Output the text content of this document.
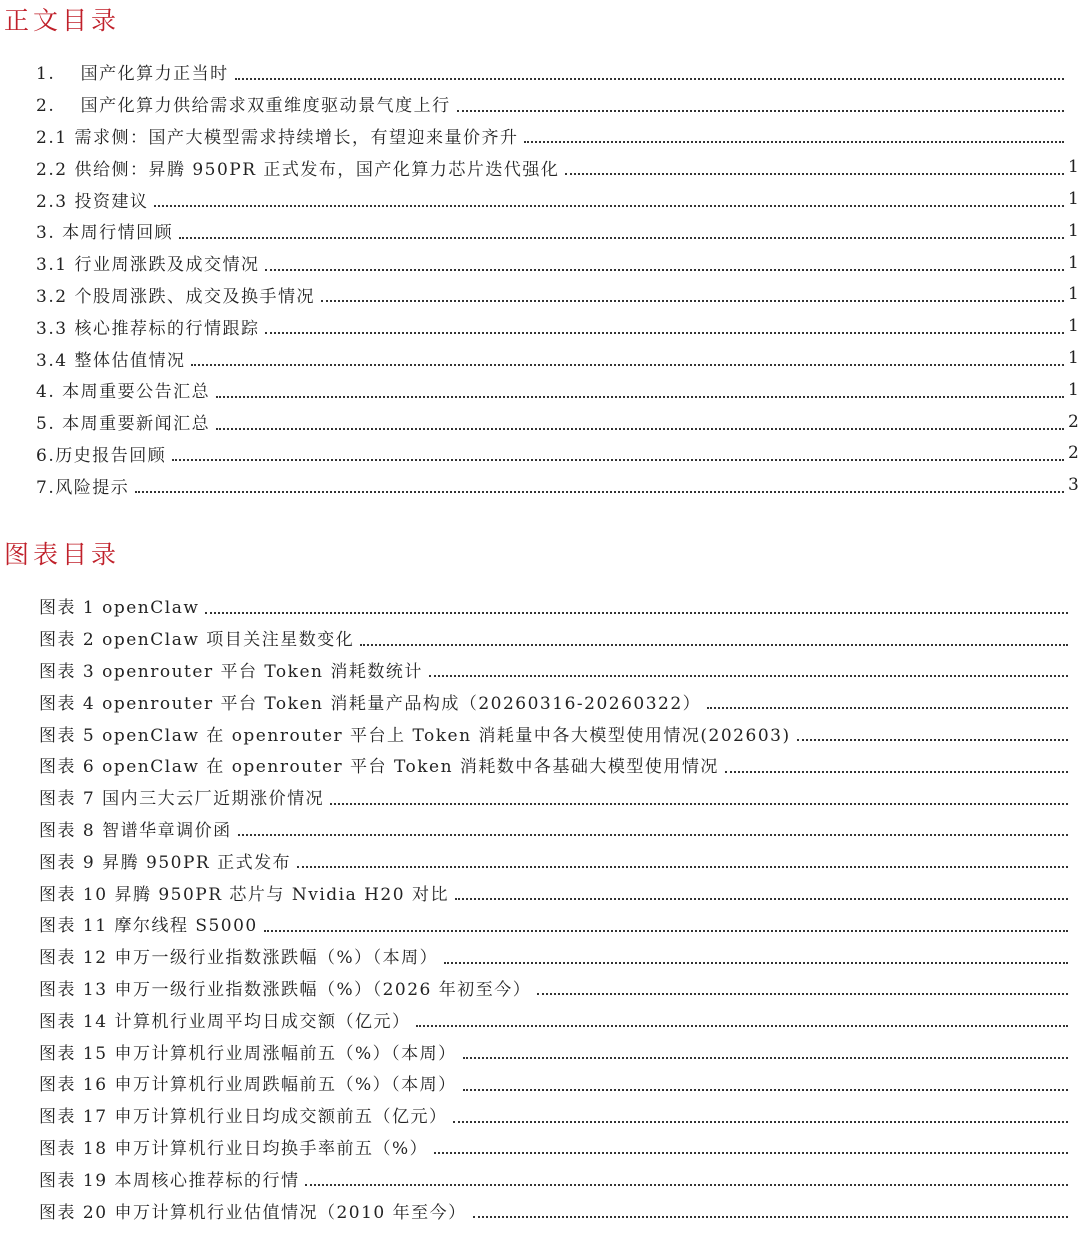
正文目录
1.　 国产化算力正当时
2.　 国产化算力供给需求双重维度驱动景气度上行
2.1 需求侧：国产大模型需求持续增长，有望迎来量价齐升
2.2 供给侧：昇腾 950PR 正式发布，国产化算力芯片迭代强化	1
2.3 投资建议	1
3. 本周行情回顾	1
3.1 行业周涨跌及成交情况	1
3.2 个股周涨跌、成交及换手情况	1
3.3 核心推荐标的行情跟踪	1
3.4 整体估值情况	1
4. 本周重要公告汇总	1
5. 本周重要新闻汇总	2
6.历史报告回顾	2
7.风险提示	3
图表目录
图表 1 openClaw
图表 2 openClaw 项目关注星数变化
图表 3 openrouter 平台 Token 消耗数统计
图表 4 openrouter 平台 Token 消耗量产品构成（20260316-20260322）
图表 5 openClaw 在 openrouter 平台上 Token 消耗量中各大模型使用情况(202603)
图表 6 openClaw 在 openrouter 平台 Token 消耗数中各基础大模型使用情况
图表 7 国内三大云厂近期涨价情况
图表 8 智谱华章调价函
图表 9 昇腾 950PR 正式发布
图表 10 昇腾 950PR 芯片与 Nvidia H20 对比
图表 11 摩尔线程 S5000
图表 12 申万一级行业指数涨跌幅（%）（本周）
图表 13 申万一级行业指数涨跌幅（%）（2026 年初至今）
图表 14 计算机行业周平均日成交额（亿元）
图表 15 申万计算机行业周涨幅前五（%）（本周）
图表 16 申万计算机行业周跌幅前五（%）（本周）
图表 17 申万计算机行业日均成交额前五（亿元）
图表 18 申万计算机行业日均换手率前五（%）
图表 19 本周核心推荐标的行情
图表 20 申万计算机行业估值情况（2010 年至今）
